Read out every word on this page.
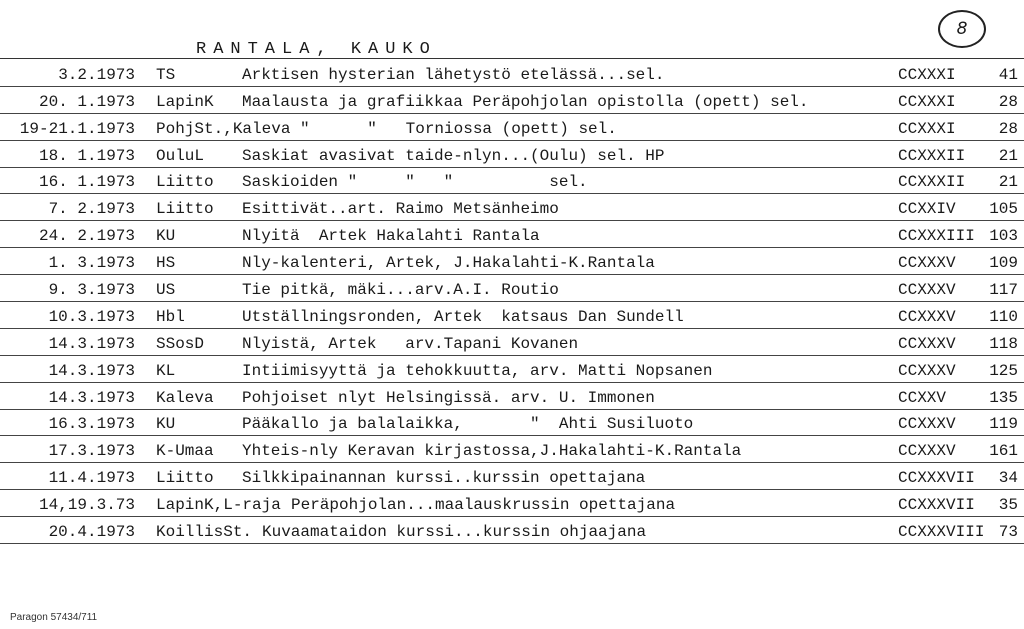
8
RANTALA, KAUKO
3.2.1973 TS	Arktisen hysterian lähetystö etelässä...sel.	CCXXXI	41
20. 1.1973 LapinK Maalausta ja grafiikkaa Peräpohjolan opistolla (opett) sel.	CCXXXI	28
19-21.1.1973 PohjSt.,Kaleva "      "   Torniossa (opett) sel.	CCXXXI	28
18. 1.1973 OuluL Saskiat avasivat taide-nlyn...(Oulu) sel. HP	CCXXXII 21
16. 1.1973 Liitto Saskioiden "     "   "          sel.	CCXXXII 21
7. 2.1973 Liitto Esittivät..art. Raimo Metsänheimo	CCXXIV 105
24. 2.1973 KU	Nlyitä  Artek Hakalahti Rantala	CCXXXIII 103
1. 3.1973 HS	Nly-kalenteri, Artek, J.Hakalahti-K.Rantala	CCXXXV 109
9. 3.1973 US	Tie pitkä, mäki...arv.A.I. Routio	CCXXXV 117
10.3.1973 Hbl	Utställningsronden, Artek  katsaus Dan Sundell	CCXXXV 110
14.3.1973 SSosD Nlyistä, Artek   arv.Tapani Kovanen	CCXXXV 118
14.3.1973 KL	Intiimisyyttä ja tehokkuutta, arv. Matti Nopsanen	CCXXXV 125
14.3.1973 Kaleva Pohjoiset nlyt Helsingissä. arv. U. Immonen	CCXXV	135
16.3.1973 KU	Pääkallo ja balalaikka,       "  Ahti Susiluoto	CCXXXV 119
17.3.1973 K-Umaa Yhteis-nly Keravan kirjastossa,J.Hakalahti-K.Rantala	CCXXXV 161
11.4.1973 Liitto Silkkipainannan kurssi..kurssin opettajana	CCXXXVII 34
14,19.3.73 LapinK,L-raja Peräpohjolan...maalauskrussin opettajana	CCXXXVII 35
20.4.1973 KoillisSt. Kuvaamataidon kurssi...kurssin ohjaajana	CCXXXVIII 73
Paragon 57434/711
